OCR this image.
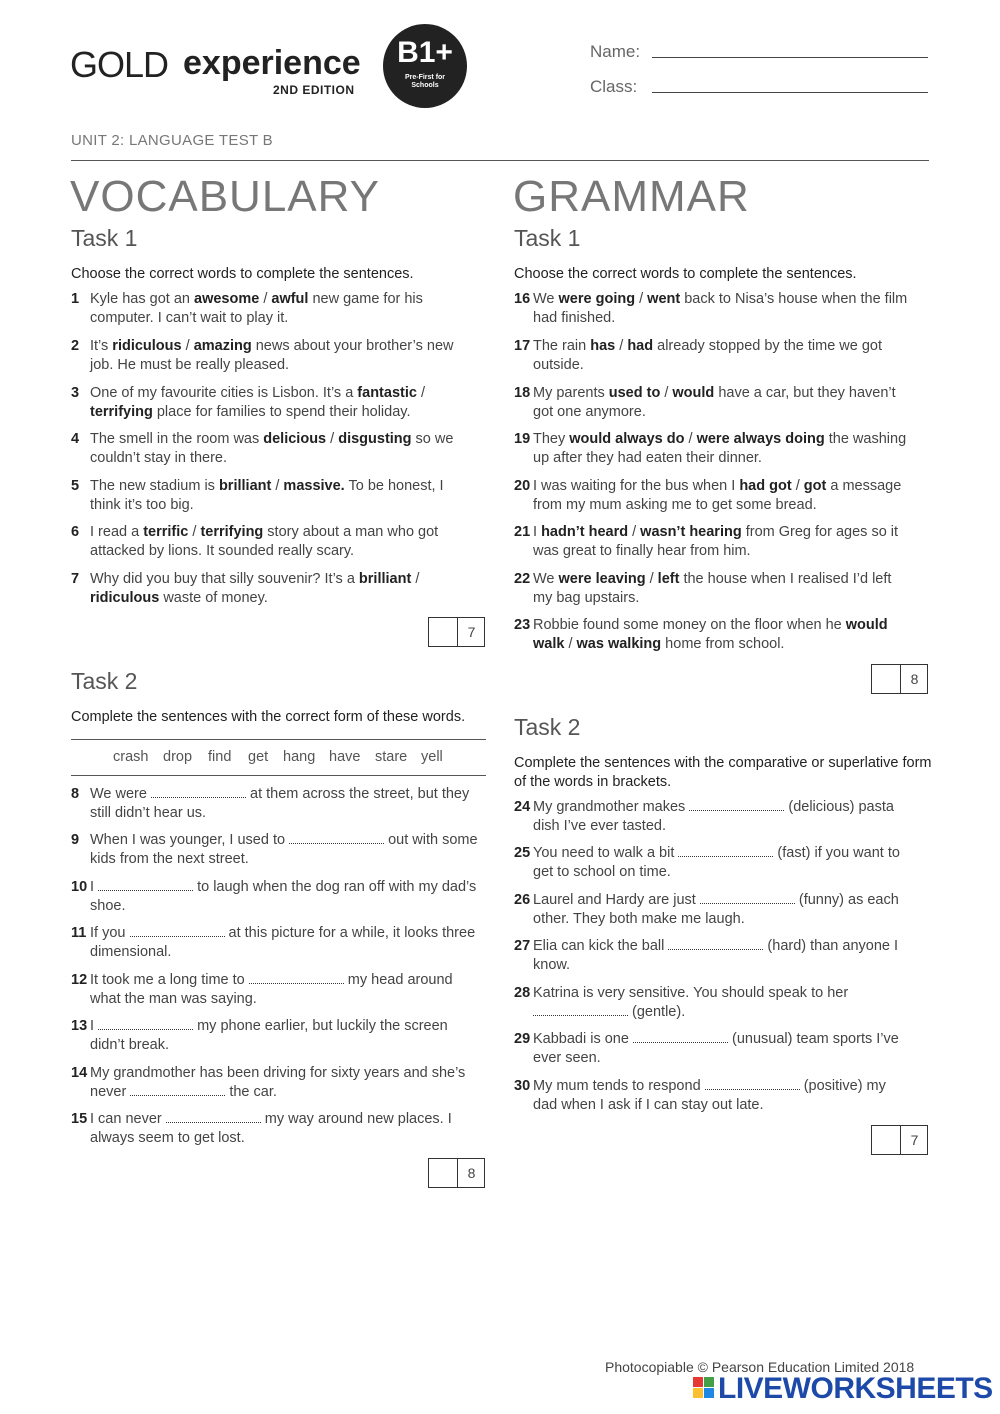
GOLD experience
2ND EDITION
B1+
Pre-First for Schools
Name:
Class:
UNIT 2: LANGUAGE TEST B
VOCABULARY	GRAMMAR
Task 1
Choose the correct words to complete the sentences.
1 Kyle has got an awesome / awful new game for his computer. I can’t wait to play it.
2 It’s ridiculous / amazing news about your brother’s new job. He must be really pleased.
3 One of my favourite cities is Lisbon. It’s a fantastic / terrifying place for families to spend their holiday.
4 The smell in the room was delicious / disgusting so we couldn’t stay in there.
5 The new stadium is brilliant / massive. To be honest, I think it’s too big.
6 I read a terrific / terrifying story about a man who got attacked by lions. It sounded really scary.
7 Why did you buy that silly souvenir? It’s a brilliant / ridiculous waste of money.
7
Task 2
Complete the sentences with the correct form of these words.
crash drop find get hang have stare yell
8 We were	at them across the street, but they still didn’t hear us.
9 When I was younger, I used to	out with some kids from the next street.
10 I	to laugh when the dog ran off with my dad’s shoe.
11 If you	at this picture for a while, it looks three dimensional.
12 It took me a long time to	my head around what the man was saying.
13 I	my phone earlier, but luckily the screen didn’t break.
14 My grandmother has been driving for sixty years and she’s never	the car.
15 I can never	my way around new places. I always seem to get lost.
8
Task 1
Choose the correct words to complete the sentences.
16 We were going / went back to Nisa’s house when the film had finished.
17 The rain has / had already stopped by the time we got outside.
18 My parents used to / would have a car, but they haven’t got one anymore.
19 They would always do / were always doing the washing up after they had eaten their dinner.
20 I was waiting for the bus when I had got / got a message from my mum asking me to get some bread.
21 I hadn’t heard / wasn’t hearing from Greg for ages so it was great to finally hear from him.
22 We were leaving / left the house when I realised I’d left my bag upstairs.
23 Robbie found some money on the floor when he would walk / was walking home from school.
8
Task 2
Complete the sentences with the comparative or superlative form of the words in brackets.
24 My grandmother makes	(delicious) pasta dish I’ve ever tasted.
25 You need to walk a bit	(fast) if you want to get to school on time.
26 Laurel and Hardy are just	(funny) as each other. They both make me laugh.
27 Elia can kick the ball	(hard) than anyone I know.
28 Katrina is very sensitive. You should speak to her  (gentle).
29 Kabbadi is one	(unusual) team sports I’ve ever seen.
30 My mum tends to respond	(positive) my dad when I ask if I can stay out late.
7
Photocopiable © Pearson Education Limited 2018
LIVEWORKSHEETS
